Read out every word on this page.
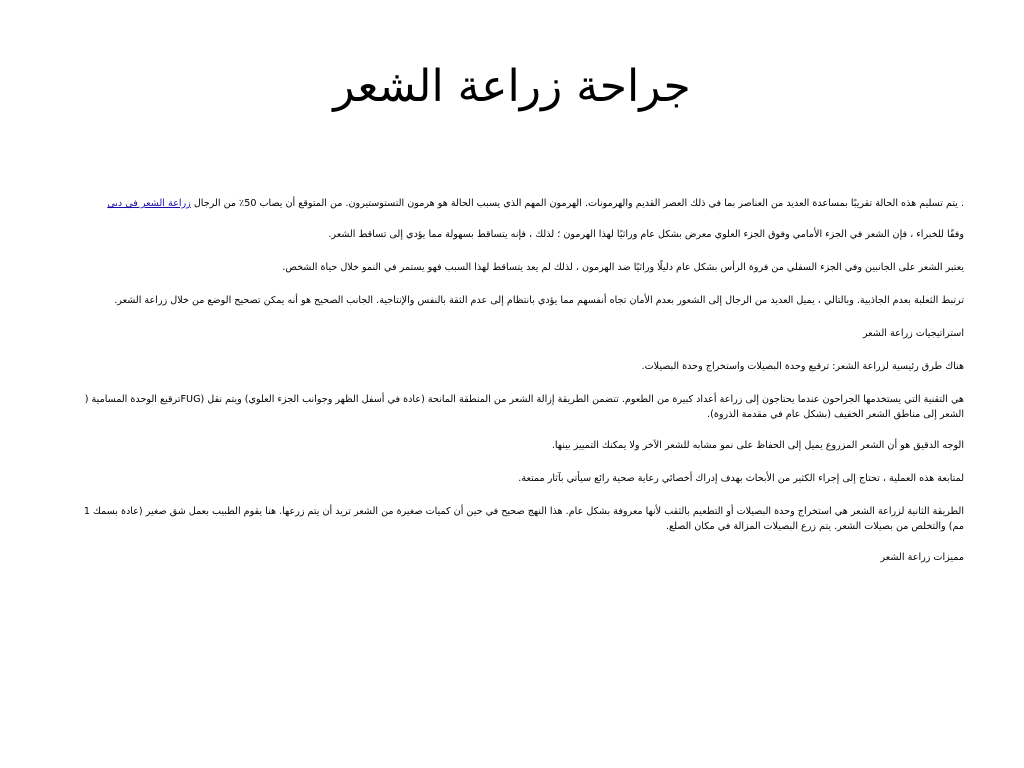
جراحة زراعة الشعر

. يتم تسليم هذه الحالة تقريبًا بمساعدة العديد من العناصر بما في ذلك العصر القديم والهرمونات. الهرمون المهم الذي يسبب الحالة هو هرمون التستوستيرون. من المتوقع أن يصاب 50٪ من الرجال زراعة الشعر في دبي

وفقًا للخبراء ، فإن الشعر في الجزء الأمامي وفوق الجزء العلوي معرض بشكل عام وراثيًا لهذا الهرمون ؛ لذلك ، فإنه يتساقط بسهولة مما يؤدي إلى تساقط الشعر.

يعتبر الشعر على الجانبين وفي الجزء السفلي من فروة الرأس بشكل عام دليلًا وراثيًا ضد الهرمون ، لذلك لم يعد يتساقط لهذا السبب فهو يستمر في النمو خلال حياة الشخص.

ترتبط الثعلبة بعدم الجاذبية. وبالتالي ، يميل العديد من الرجال إلى الشعور بعدم الأمان تجاه أنفسهم مما يؤدي بانتظام إلى عدم الثقة بالنفس والإنتاجية. الجانب الصحيح هو أنه يمكن تصحيح الوضع من خلال زراعة الشعر.

استراتيجيات زراعة الشعر

هناك طرق رئيسية لزراعة الشعر: ترقيع وحدة البصيلات واستخراج وحدة البصيلات.

هي التقنية التي يستخدمها الجراحون عندما يحتاجون إلى زراعة أعداد كبيرة من الطعوم. تتضمن الطريقة إزالة الشعر من المنطقة المانحة (عادة في أسفل الظهر وجوانب الجزء العلوي) ويتم نقل (FUGترقيع الوحدة المسامية ( الشعر إلى مناطق الشعر الخفيف (بشكل عام في مقدمة الذروة).

الوجه الدقيق هو أن الشعر المزروع يميل إلى الحفاظ على نمو مشابه للشعر الآخر ولا يمكنك التمييز بينها.

لمتابعة هذه العملية ، تحتاج إلى إجراء الكثير من الأبحاث بهدف إدراك أخصائي رعاية صحية رائع سيأتي بآثار ممتعة.

الطريقة الثانية لزراعة الشعر هي استخراج وحدة البصيلات أو التطعيم بالثقب لأنها معروفة بشكل عام. هذا النهج صحيح في حين أن كميات صغيرة من الشعر تريد أن يتم زرعها. هنا يقوم الطبيب بعمل شق صغير (عادة بسمك 1 مم) والتخلص من بصيلات الشعر. يتم زرع البصيلات المزالة في مكان الصلع.

مميزات زراعة الشعر
